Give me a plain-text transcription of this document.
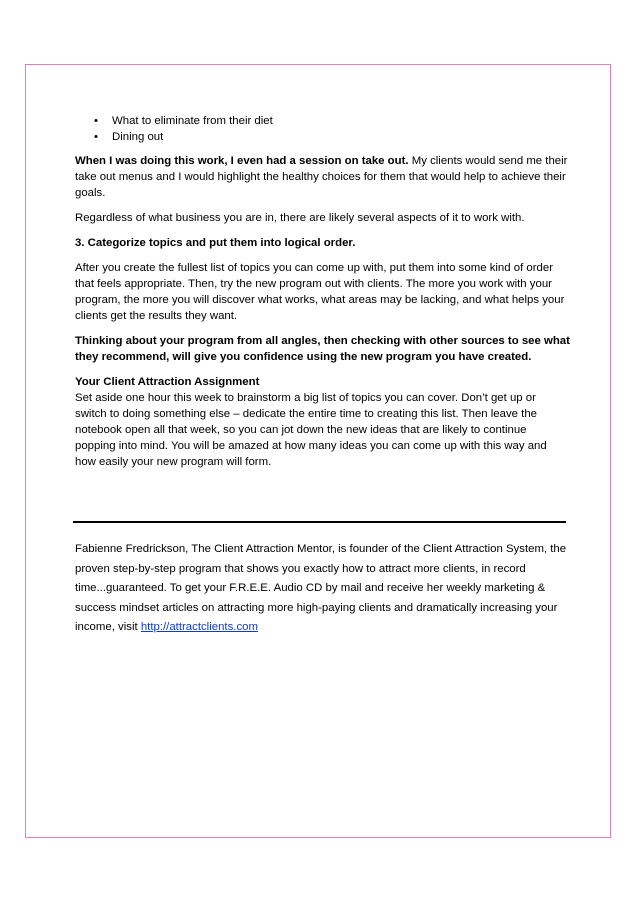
• What to eliminate from their diet
• Dining out

When I was doing this work, I even had a session on take out. My clients would send me their take out menus and I would highlight the healthy choices for them that would help to achieve their goals.

Regardless of what business you are in, there are likely several aspects of it to work with.

3. Categorize topics and put them into logical order.

After you create the fullest list of topics you can come up with, put them into some kind of order that feels appropriate. Then, try the new program out with clients. The more you work with your program, the more you will discover what works, what areas may be lacking, and what helps your clients get the results they want.

Thinking about your program from all angles, then checking with other sources to see what they recommend, will give you confidence using the new program you have created.

Your Client Attraction Assignment
Set aside one hour this week to brainstorm a big list of topics you can cover. Don’t get up or switch to doing something else – dedicate the entire time to creating this list. Then leave the notebook open all that week, so you can jot down the new ideas that are likely to continue popping into mind. You will be amazed at how many ideas you can come up with this way and how easily your new program will form.

Fabienne Fredrickson, The Client Attraction Mentor, is founder of the Client Attraction System, the proven step-by-step program that shows you exactly how to attract more clients, in record time...guaranteed. To get your F.R.E.E. Audio CD by mail and receive her weekly marketing & success mindset articles on attracting more high-paying clients and dramatically increasing your income, visit http://attractclients.com
